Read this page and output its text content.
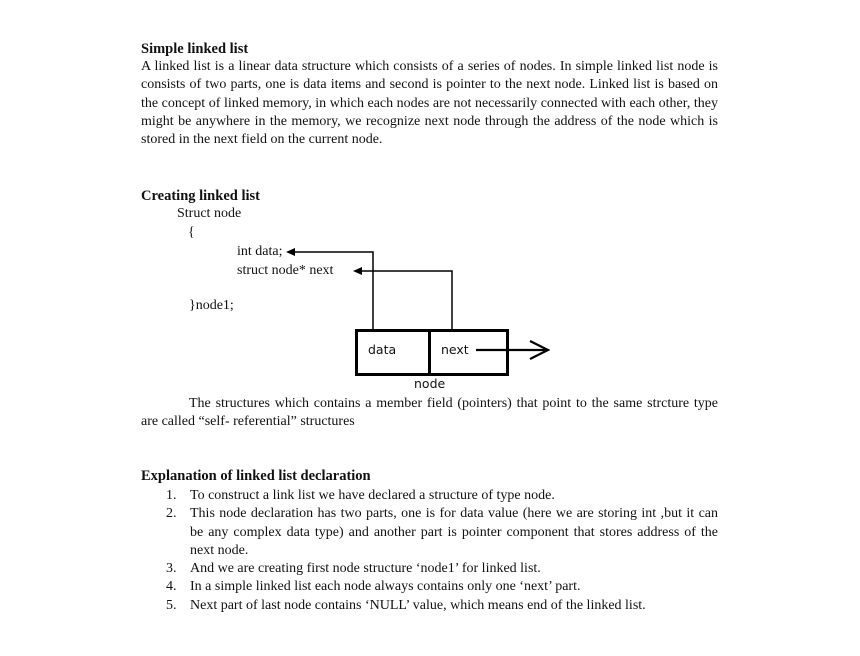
Simple linked list

A linked list is a linear data structure which consists of a series of nodes. In simple linked list node is consists of two parts, one is data items and second is pointer to the next node. Linked list is based on the concept of linked memory, in which each nodes are not necessarily connected with each other, they might be anywhere in the memory, we recognize next node through the address of the node which is stored in the next field on the current node.

Creating linked list
Struct node
{
int data;
struct node* next
}node1;
data	next
node

The structures which contains a member field (pointers) that point to the same strcture type are called “self- referential” structures

Explanation of linked list declaration
1. To construct a link list we have declared a structure of type node.
2. This node declaration has two parts, one is for data value (here we are storing int ,but it can be any complex data type) and another part is pointer component that stores address of the next node.
3. And we are creating first node structure ‘node1’ for linked list.
4. In a simple linked list each node always contains only one ‘next’ part.
5. Next part of last node contains ‘NULL’ value, which means end of the linked list.
